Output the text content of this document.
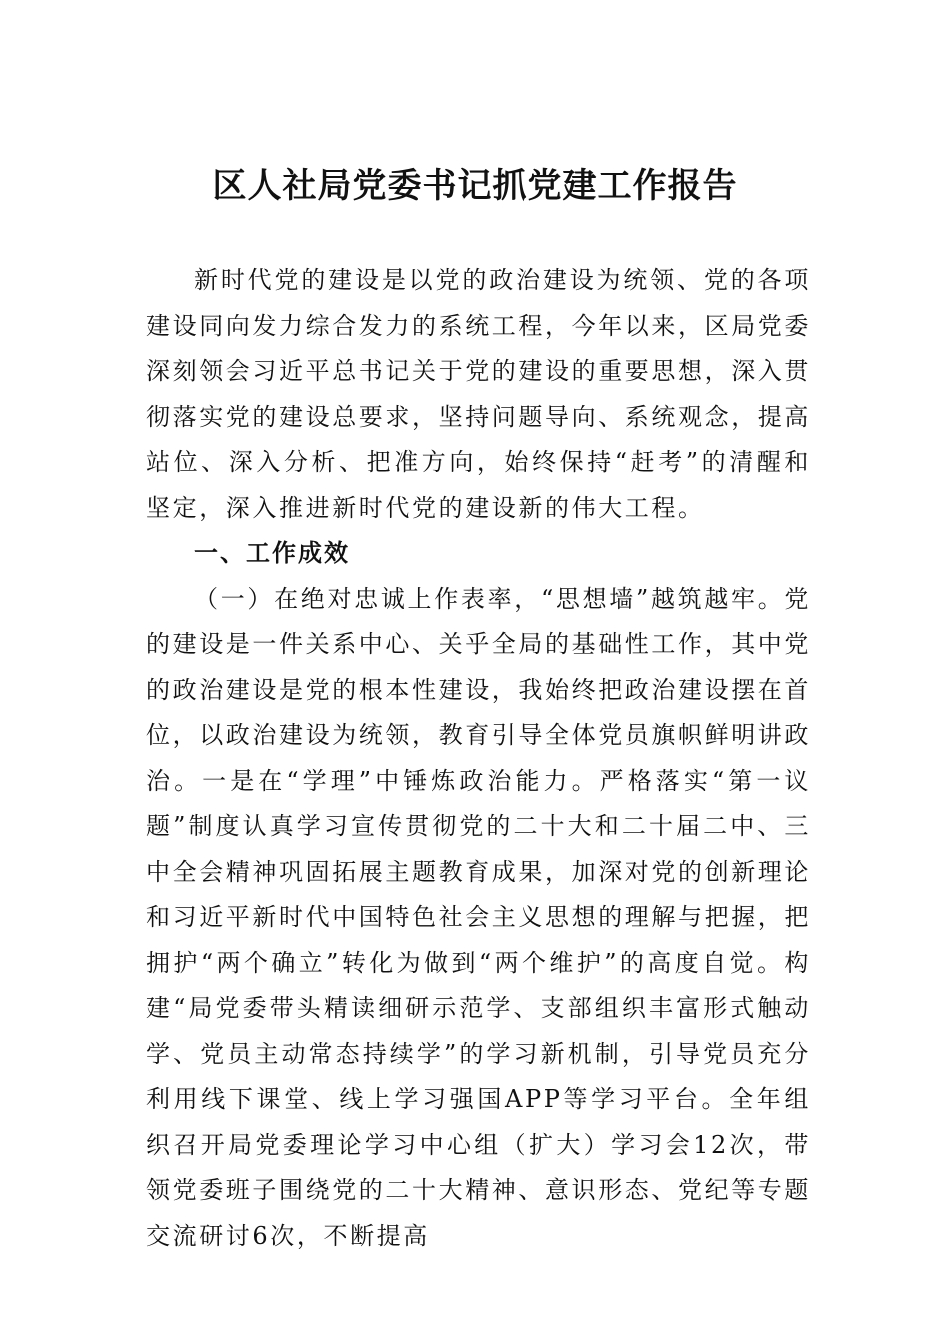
区人社局党委书记抓党建工作报告

新时代党的建设是以党的政治建设为统领、党的各项建设同向发力综合发力的系统工程，今年以来，区局党委深刻领会习近平总书记关于党的建设的重要思想，深入贯彻落实党的建设总要求，坚持问题导向、系统观念，提高站位、深入分析、把准方向，始终保持“赶考”的清醒和坚定，深入推进新时代党的建设新的伟大工程。

一、工作成效

（一）在绝对忠诚上作表率，“思想墙”越筑越牢。党的建设是一件关系中心、关乎全局的基础性工作，其中党的政治建设是党的根本性建设，我始终把政治建设摆在首位，以政治建设为统领，教育引导全体党员旗帜鲜明讲政治。一是在“学理”中锤炼政治能力。严格落实“第一议题”制度认真学习宣传贯彻党的二十大和二十届二中、三中全会精神巩固拓展主题教育成果，加深对党的创新理论和习近平新时代中国特色社会主义思想的理解与把握，把拥护“两个确立”转化为做到“两个维护”的高度自觉。构建“局党委带头精读细研示范学、支部组织丰富形式触动学、党员主动常态持续学”的学习新机制，引导党员充分利用线下课堂、线上学习强国APP等学习平台。全年组织召开局党委理论学习中心组（扩大）学习会12次，带领党委班子围绕党的二十大精神、意识形态、党纪等专题交流研讨6次，不断提高
